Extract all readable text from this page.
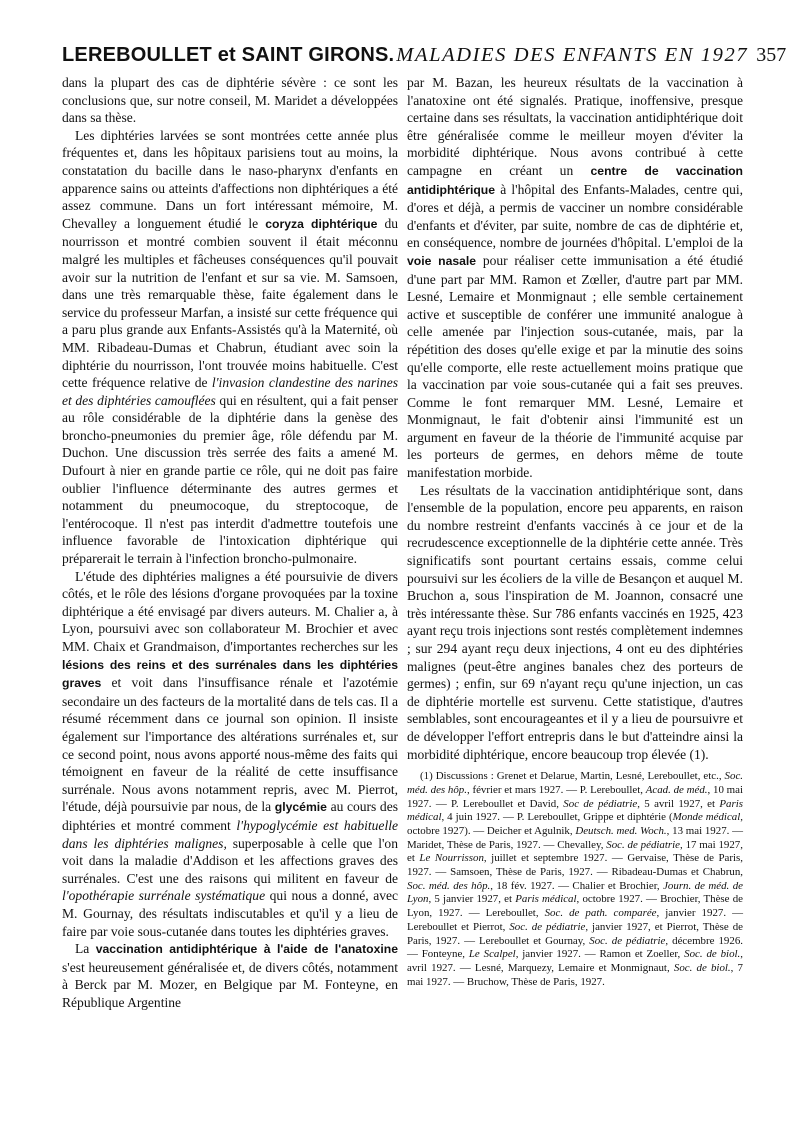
LEREBOULLET et SAINT GIRONS. MALADIES DES ENFANTS EN 1927 357

dans la plupart des cas de diphtérie sévère : ce sont les conclusions que, sur notre conseil, M. Maridet a développées dans sa thèse.

Les diphtéries larvées se sont montrées cette année plus fréquentes et, dans les hôpitaux parisiens tout au moins, la constatation du bacille dans le naso-pharynx d'enfants en apparence sains ou atteints d'affections non diphtériques a été assez commune. Dans un fort intéressant mémoire, M. Chevalley a longuement étudié le coryza diphtérique du nourrisson et montré combien souvent il était méconnu malgré les multiples et fâcheuses conséquences qu'il pouvait avoir sur la nutrition de l'enfant et sur sa vie. M. Samsoen, dans une très remarquable thèse, faite également dans le service du professeur Marfan, a insisté sur cette fréquence qui a paru plus grande aux Enfants-Assistés qu'à la Maternité, où MM. Ribadeau-Dumas et Chabrun, étudiant avec soin la diphtérie du nourrisson, l'ont trouvée moins habituelle. C'est cette fréquence relative de l'invasion clandestine des narines et des diphtéries camouflées qui en résultent, qui a fait penser au rôle considérable de la diphtérie dans la genèse des broncho-pneumonies du premier âge, rôle défendu par M. Duchon. Une discussion très serrée des faits a amené M. Dufourt à nier en grande partie ce rôle, qui ne doit pas faire oublier l'influence déterminante des autres germes et notamment du pneumocoque, du streptocoque, de l'entérocoque. Il n'est pas interdit d'admettre toutefois une influence favorable de l'intoxication diphtérique qui préparerait le terrain à l'infection broncho-pulmonaire.

L'étude des diphtéries malignes a été poursuivie de divers côtés, et le rôle des lésions d'organe provoquées par la toxine diphtérique a été envisagé par divers auteurs. M. Chalier a, à Lyon, poursuivi avec son collaborateur M. Brochier et avec MM. Chaix et Grandmaison, d'importantes recherches sur les lésions des reins et des surrénales dans les diphtéries graves et voit dans l'insuffisance rénale et l'azotémie secondaire un des facteurs de la mortalité dans de tels cas. Il a résumé récemment dans ce journal son opinion. Il insiste également sur l'importance des altérations surrénales et, sur ce second point, nous avons apporté nous-même des faits qui témoignent en faveur de la réalité de cette insuffisance surrénale. Nous avons notamment repris, avec M. Pierrot, l'étude, déjà poursuivie par nous, de la glycémie au cours des diphtéries et montré comment l'hypoglycémie est habituelle dans les diphtéries malignes, superposable à celle que l'on voit dans la maladie d'Addison et les affections graves des surrénales. C'est une des raisons qui militent en faveur de l'opothérapie surrénale systématique qui nous a donné, avec M. Gournay, des résultats indiscutables et qu'il y a lieu de faire par voie sous-cutanée dans toutes les diphtéries graves.

La vaccination antidiphtérique à l'aide de l'anatoxine s'est heureusement généralisée et, de divers côtés, notamment à Berck par M. Mozer, en Belgique par M. Fonteyne, en République Argentine

par M. Bazan, les heureux résultats de la vaccination à l'anatoxine ont été signalés. Pratique, inoffensive, presque certaine dans ses résultats, la vaccination antidiphtérique doit être généralisée comme le meilleur moyen d'éviter la morbidité diphtérique. Nous avons contribué à cette campagne en créant un centre de vaccination antidiphtérique à l'hôpital des Enfants-Malades, centre qui, d'ores et déjà, a permis de vacciner un nombre considérable d'enfants et d'éviter, par suite, nombre de cas de diphtérie et, en conséquence, nombre de journées d'hôpital. L'emploi de la voie nasale pour réaliser cette immunisation a été étudié d'une part par MM. Ramon et Zœller, d'autre part par MM. Lesné, Lemaire et Monmignaut ; elle semble certainement active et susceptible de conférer une immunité analogue à celle amenée par l'injection sous-cutanée, mais, par la répétition des doses qu'elle exige et par la minutie des soins qu'elle comporte, elle reste actuellement moins pratique que la vaccination par voie sous-cutanée qui a fait ses preuves. Comme le font remarquer MM. Lesné, Lemaire et Monmignaut, le fait d'obtenir ainsi l'immunité est un argument en faveur de la théorie de l'immunité acquise par les porteurs de germes, en dehors même de toute manifestation morbide.

Les résultats de la vaccination antidiphtérique sont, dans l'ensemble de la population, encore peu apparents, en raison du nombre restreint d'enfants vaccinés à ce jour et de la recrudescence exceptionnelle de la diphtérie cette année. Très significatifs sont pourtant certains essais, comme celui poursuivi sur les écoliers de la ville de Besançon et auquel M. Bruchon a, sous l'inspiration de M. Joannon, consacré une très intéressante thèse. Sur 786 enfants vaccinés en 1925, 423 ayant reçu trois injections sont restés complètement indemnes ; sur 294 ayant reçu deux injections, 4 ont eu des diphtéries malignes (peut-être angines banales chez des porteurs de germes) ; enfin, sur 69 n'ayant reçu qu'une injection, un cas de diphtérie mortelle est survenu. Cette statistique, d'autres semblables, sont encourageantes et il y a lieu de poursuivre et de développer l'effort entrepris dans le but d'atteindre ainsi la morbidité diphtérique, encore beaucoup trop élevée (1).

(1) Discussions : Grenet et Delarue, Martin, Lesné, Lereboullet, etc., Soc. méd. des hôp., février et mars 1927. — P. Lereboullet, Acad. de méd., 10 mai 1927. — P. Lereboullet et David, Soc de pédiatrie, 5 avril 1927, et Paris médical, 4 juin 1927. — P. Lereboullet, Grippe et diphtérie (Monde médical, octobre 1927). — Deicher et Agulnik, Deutsch. med. Woch., 13 mai 1927. — Maridet, Thèse de Paris, 1927. — Chevalley, Soc. de pédiatrie, 17 mai 1927, et Le Nourrisson, juillet et septembre 1927. — Gervaise, Thèse de Paris, 1927. — Samsoen, Thèse de Paris, 1927. — Ribadeau-Dumas et Chabrun, Soc. méd. des hôp., 18 fév. 1927. — Chalier et Brochier, Journ. de méd. de Lyon, 5 janvier 1927, et Paris médical, octobre 1927. — Brochier, Thèse de Lyon, 1927. — Lereboullet, Soc. de path. comparée, janvier 1927. — Lereboullet et Pierrot, Soc. de pédiatrie, janvier 1927, et Pierrot, Thèse de Paris, 1927. — Lereboullet et Gournay, Soc. de pédiatrie, décembre 1926. — Fonteyne, Le Scalpel, janvier 1927. — Ramon et Zoeller, Soc. de biol., avril 1927. — Lesné, Marquezy, Lemaire et Monmignaut, Soc. de biol., 7 mai 1927. — Bruchow, Thèse de Paris, 1927.
